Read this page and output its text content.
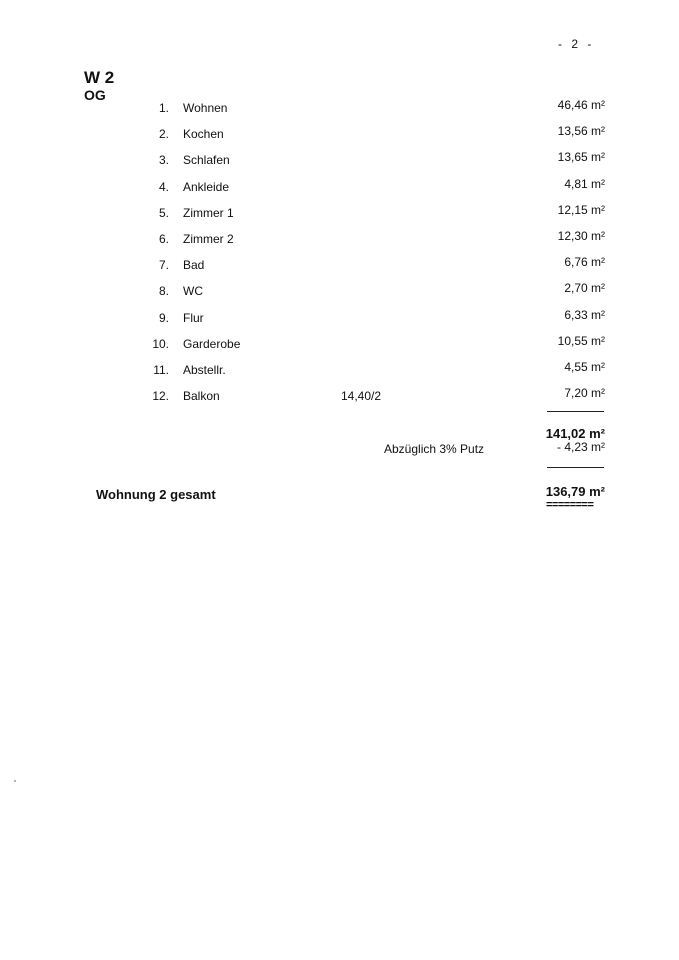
- 2 -
W 2
OG
1. Wohnen	46,46 m²
2. Kochen	13,56 m²
3. Schlafen	13,65 m²
4. Ankleide	4,81 m²
5. Zimmer 1	12,15 m²
6. Zimmer 2	12,30 m²
7. Bad	6,76 m²
8. WC	2,70 m²
9. Flur	6,33 m²
10. Garderobe	10,55 m²
11. Abstellr.	4,55 m²
12. Balkon	14,40/2	7,20 m²
141,02 m²
Abzüglich 3% Putz	- 4,23 m²
Wohnung 2 gesamt	136,79 m²
========
